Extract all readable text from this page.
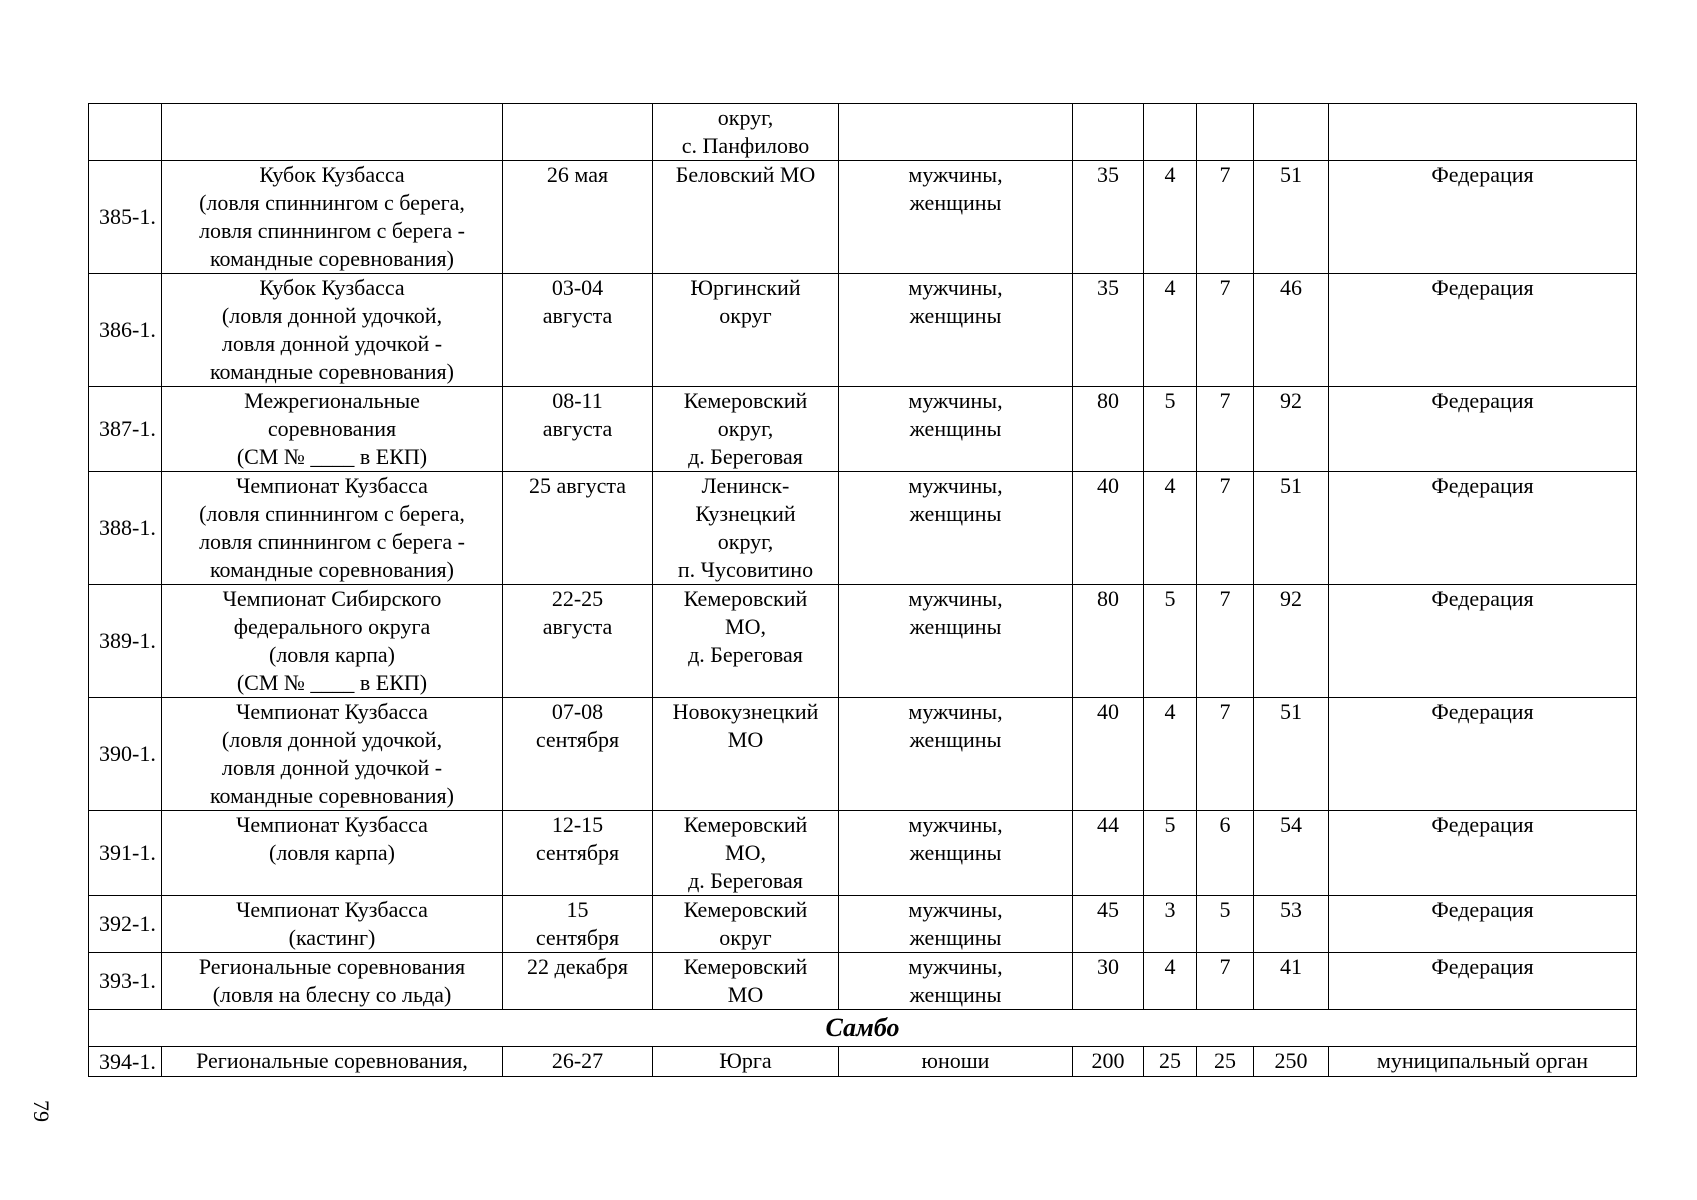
			округ,
с. Панфилово						

385-1.	Кубок Кузбасса
(ловля спиннингом с берега,
ловля спиннингом с берега -
командные соревнования)	26 мая	Беловский МО	мужчины,
женщины	35	4	7	51	Федерация
386-1.	Кубок Кузбасса
(ловля донной удочкой,
ловля донной удочкой -
командные соревнования)	03-04
августа	Юргинский
округ	мужчины,
женщины	35	4	7	46	Федерация
387-1.	Межрегиональные
соревнования
(СМ № ____ в ЕКП)	08-11
августа	Кемеровский
округ,
д. Береговая	мужчины,
женщины	80	5	7	92	Федерация
388-1.	Чемпионат Кузбасса
(ловля спиннингом с берега,
ловля спиннингом с берега -
командные соревнования)	25 августа	Ленинск-
Кузнецкий
округ,
п. Чусовитино	мужчины,
женщины	40	4	7	51	Федерация
389-1.	Чемпионат Сибирского
федерального округа
(ловля карпа)
(СМ № ____ в ЕКП)	22-25
августа	Кемеровский
МО,
д. Береговая	мужчины,
женщины	80	5	7	92	Федерация
390-1.	Чемпионат Кузбасса
(ловля донной удочкой,
ловля донной удочкой -
командные соревнования)	07-08
сентября	Новокузнецкий
МО	мужчины,
женщины	40	4	7	51	Федерация
391-1.	Чемпионат Кузбасса
(ловля карпа)	12-15
сентября	Кемеровский
МО,
д. Береговая	мужчины,
женщины	44	5	6	54	Федерация
392-1.	Чемпионат Кузбасса
(кастинг)	15
сентября	Кемеровский
округ	мужчины,
женщины	45	3	5	53	Федерация
393-1.	Региональные соревнования
(ловля на блесну со льда)	22 декабря	Кемеровский
МО	мужчины,
женщины	30	4	7	41	Федерация
Самбо									
394-1.	Региональные соревнования,	26-27	Юрга	юноши	200	25	25	250	муниципальный орган
79
